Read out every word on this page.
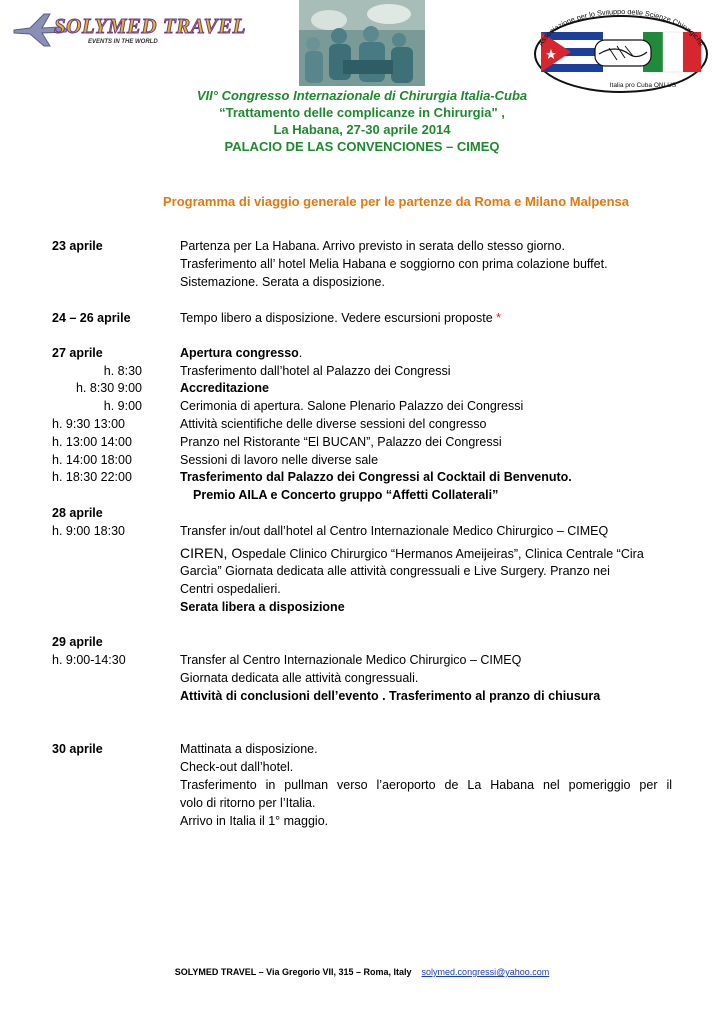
SOLYMED TRAVEL
EVENTS IN THE WORLD	Associazione per lo Sviluppo delle Scienze Chirurgiche
Italia pro Cuba ONLUS
VII° Congresso Internazionale di Chirurgia Italia-Cuba
“Trattamento delle complicanze in Chirurgia" ,
La Habana, 27-30 aprile 2014
PALACIO DE LAS CONVENCIONES – CIMEQ
Programma di viaggio generale per le partenze da Roma e Milano Malpensa
23 aprile	Partenza per La Habana. Arrivo previsto in serata dello stesso giorno.
Trasferimento all’ hotel Melia Habana e soggiorno con prima colazione buffet.
Sistemazione. Serata a disposizione.
24 – 26 aprile	Tempo libero a disposizione. Vedere escursioni proposte *
27 aprile	Apertura congresso.
h. 8:30	Trasferimento dall’hotel al Palazzo dei Congressi
h. 8:30 9:00	Accreditazione
h. 9:00	Cerimonia di apertura. Salone Plenario Palazzo dei Congressi
h. 9:30 13:00	Attività scientifiche delle diverse sessioni del congresso
h. 13:00 14:00	Pranzo nel Ristorante “El BUCAN”, Palazzo dei Congressi
h. 14:00 18:00	Sessioni di lavoro nelle diverse sale
h. 18:30 22:00	Trasferimento dal Palazzo dei Congressi al Cocktail di Benvenuto.
Premio AILA e Concerto gruppo “Affetti Collaterali”
28 aprile
h. 9:00 18:30	Transfer in/out dall’hotel al Centro Internazionale Medico Chirurgico – CIMEQ
CIREN, Ospedale Clinico Chirurgico “Hermanos Ameijeiras”, Clinica Centrale “Cira
Garcìa” Giornata dedicata alle attività congressuali e Live Surgery. Pranzo nei
Centri ospedalieri.
Serata libera a disposizione
29 aprile
h. 9:00-14:30	Transfer al Centro Internazionale Medico Chirurgico – CIMEQ
Giornata dedicata alle attività congressuali.
Attività di conclusioni dell’evento . Trasferimento al pranzo di chiusura
30 aprile	Mattinata a disposizione.
Check-out dall’hotel.
Trasferimento in pullman verso l’aeroporto de La Habana nel pomeriggio per il
volo di ritorno per l’Italia.
Arrivo in Italia il 1° maggio.
SOLYMED TRAVEL – Via Gregorio VII, 315 – Roma, Italy solymed.congressi@yahoo.com
